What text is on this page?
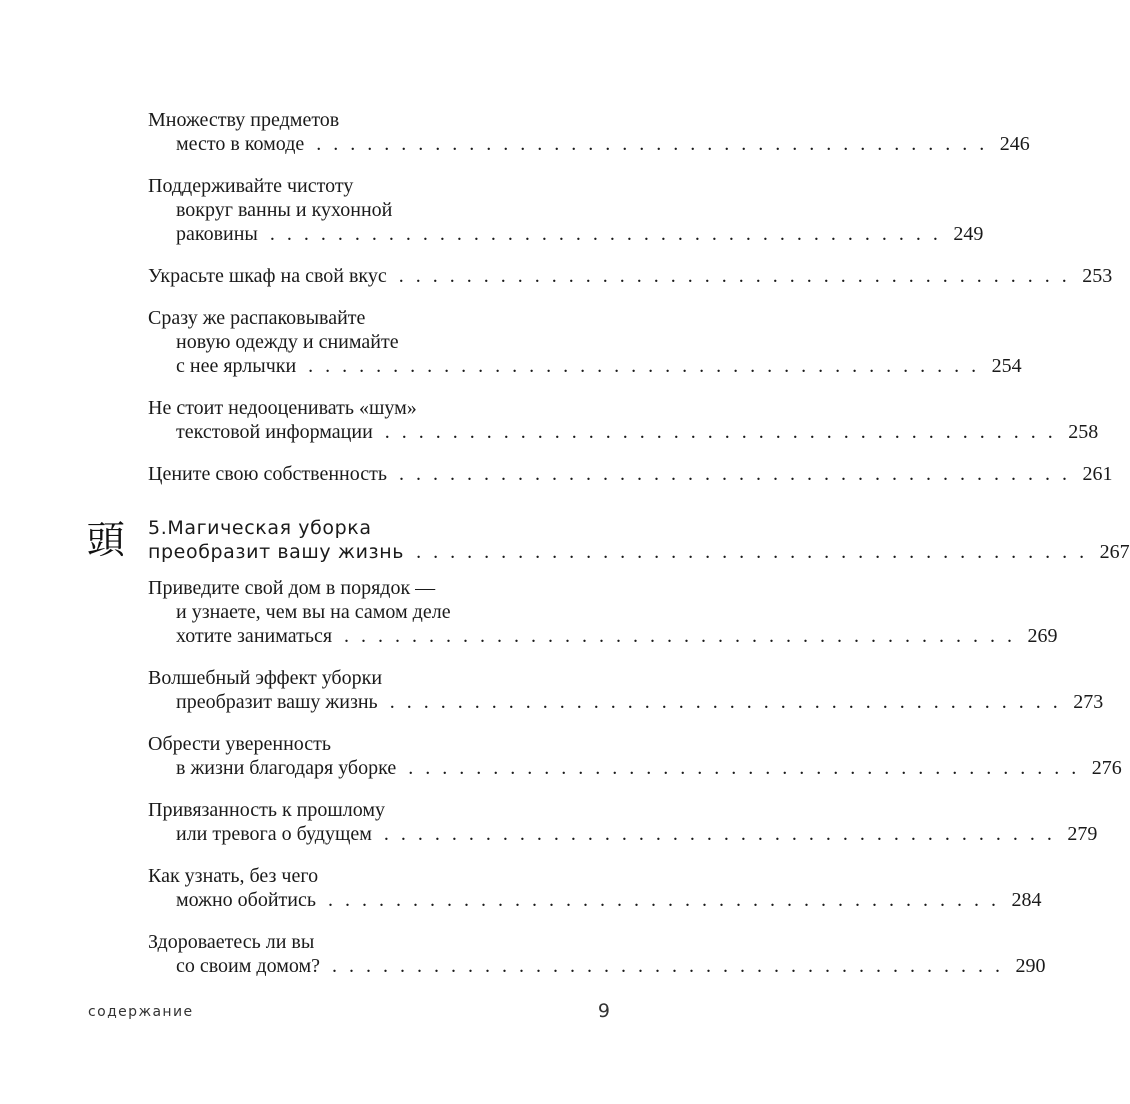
Множеству предметов
место в комоде . . . . . . . . . . . . . . . . . . . . . . . . . . . . . . . . . . . . . . . . 246
Поддерживайте чистоту
вокруг ванны и кухонной
раковины . . . . . . . . . . . . . . . . . . . . . . . . . . . . . . . . . . . . . . . . 249
Украсьте шкаф на свой вкус . . . . . . . . . . . . . . . . . . . . . . . . . . . . . . . . . . . . . . . . 253
Сразу же распаковывайте
новую одежду и снимайте
с нее ярлычки . . . . . . . . . . . . . . . . . . . . . . . . . . . . . . . . . . . . . . . . 254
Не стоит недооценивать «шум»
текстовой информации . . . . . . . . . . . . . . . . . . . . . . . . . . . . . . . . . . . . . . . . 258
Цените свою собственность . . . . . . . . . . . . . . . . . . . . . . . . . . . . . . . . . . . . . . . . 261
頭 5.Магическая уборка
преобразит вашу жизнь . . . . . . . . . . . . . . . . . . . . . . . . . . . . . . . . . . . . . . . . 267
Приведите свой дом в порядок —
и узнаете, чем вы на самом деле
хотите заниматься . . . . . . . . . . . . . . . . . . . . . . . . . . . . . . . . . . . . . . . . 269
Волшебный эффект уборки
преобразит вашу жизнь . . . . . . . . . . . . . . . . . . . . . . . . . . . . . . . . . . . . . . . . 273
Обрести уверенность
в жизни благодаря уборке . . . . . . . . . . . . . . . . . . . . . . . . . . . . . . . . . . . . . . . . 276
Привязанность к прошлому
или тревога о будущем . . . . . . . . . . . . . . . . . . . . . . . . . . . . . . . . . . . . . . . . 279
Как узнать, без чего
можно обойтись . . . . . . . . . . . . . . . . . . . . . . . . . . . . . . . . . . . . . . . . 284
Здороваетесь ли вы
со своим домом? . . . . . . . . . . . . . . . . . . . . . . . . . . . . . . . . . . . . . . . . 290
содержание	9
